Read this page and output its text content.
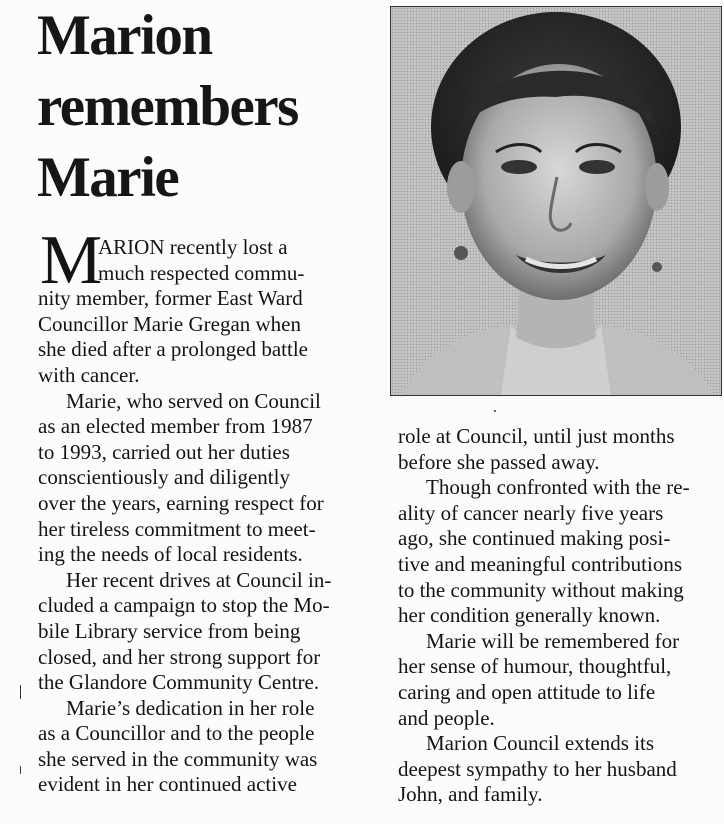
Marion
remembers
Marie
M
ARION recently lost a
much respected commu-
nity member, former East Ward
Councillor Marie Gregan when
she died after a prolonged battle
with cancer.
Marie, who served on Council
as an elected member from 1987
to 1993, carried out her duties
conscientiously and diligently
over the years, earning respect for
her tireless commitment to meet-
ing the needs of local residents.
Her recent drives at Council in-
cluded a campaign to stop the Mo-
bile Library service from being
closed, and her strong support for
the Glandore Community Centre.
Marie’s dedication in her role
as a Councillor and to the people
she served in the community was
evident in her continued active
role at Council, until just months
before she passed away.
Though confronted with the re-
ality of cancer nearly five years
ago, she continued making posi-
tive and meaningful contributions
to the community without making
her condition generally known.
Marie will be remembered for
her sense of humour, thoughtful,
caring and open attitude to life
and people.
Marion Council extends its
deepest sympathy to her husband
John, and family.
